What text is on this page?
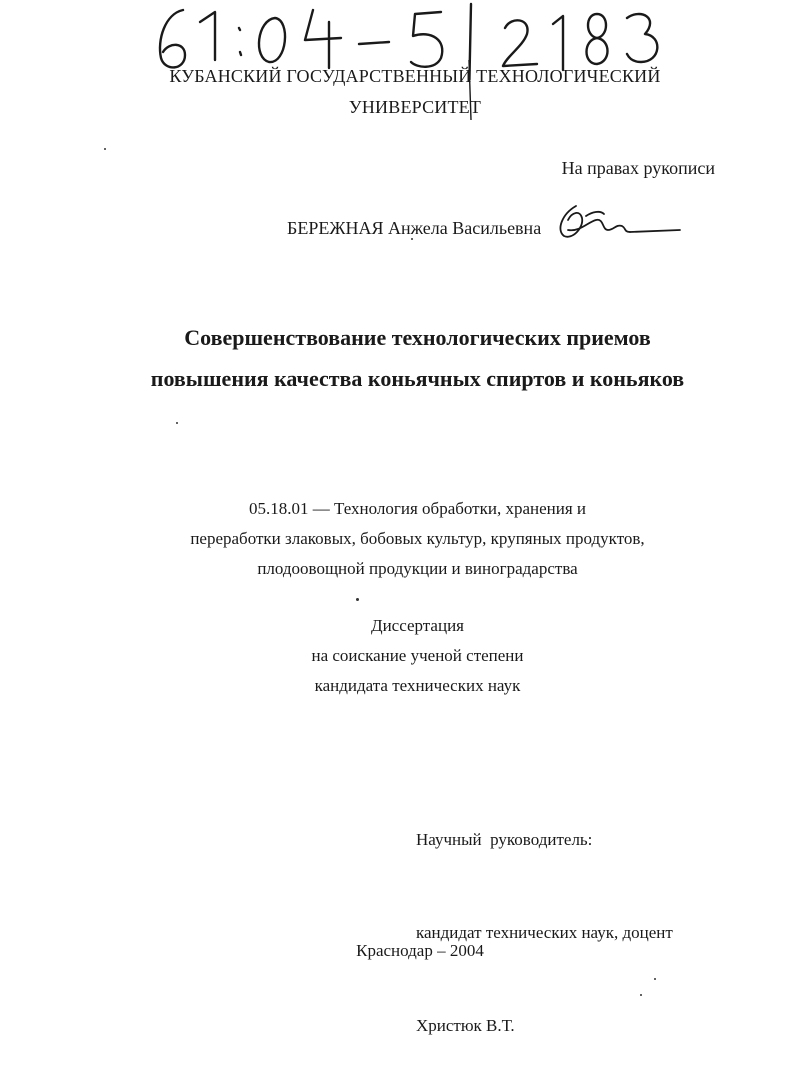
КУБАНСКИЙ ГОСУДАРСТВЕННЫЙ ТЕХНОЛОГИЧЕСКИЙ
УНИВЕРСИТЕТ
На правах рукописи
БЕРЕЖНАЯ Анжела Васильевна
Совершенствование технологических приемов
повышения качества коньячных спиртов и коньяков
05.18.01 — Технология обработки, хранения и
переработки злаковых, бобовых культур, крупяных продуктов,
плодоовощной продукции и виноградарства
Диссертация
на соискание ученой степени
кандидата технических наук

Научный  руководитель:

кандидат технических наук, доцент

Христюк В.Т.

Краснодар – 2004
